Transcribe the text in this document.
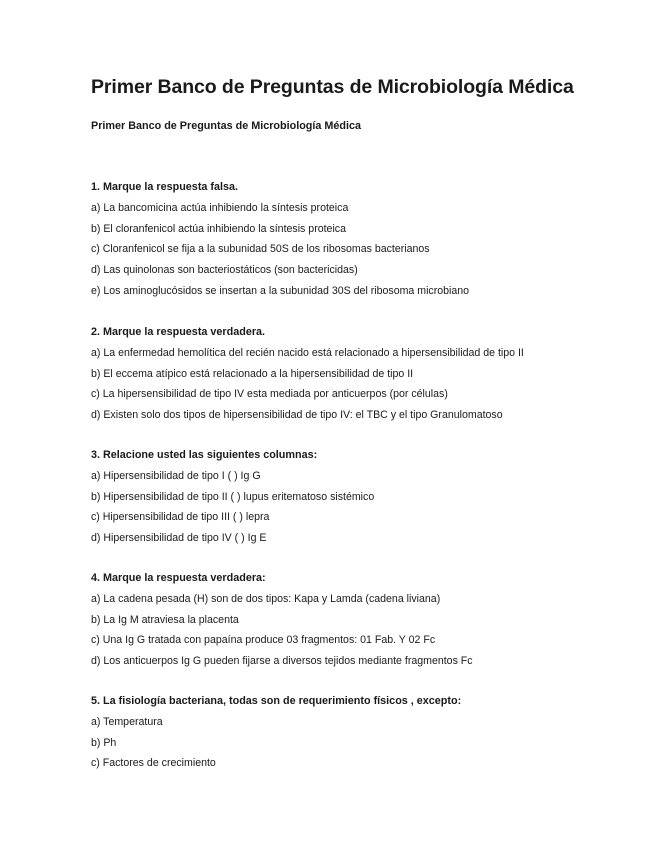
Primer Banco de Preguntas de Microbiología Médica

Primer Banco de Preguntas de Microbiología Médica

1. Marque la respuesta falsa.

a) La bancomicina actúa inhibiendo la síntesis proteica
b) El cloranfenicol actúa inhibiendo la síntesis proteica
c) Cloranfenicol se fija a la subunidad 50S de los ribosomas bacterianos
d) Las quinolonas son bacteriostáticos (son bactericidas)
e) Los aminoglucósidos se insertan a la subunidad 30S del ribosoma microbiano

2. Marque la respuesta verdadera.

a) La enfermedad hemolítica del recién nacido está relacionado a hipersensibilidad de tipo II
b) El eccema atípico está relacionado a la hipersensibilidad de tipo II
c) La hipersensibilidad de tipo IV esta mediada por anticuerpos (por células)
d) Existen solo dos tipos de hipersensibilidad de tipo IV: el TBC y el tipo Granulomatoso

3. Relacione usted las siguientes columnas:

a) Hipersensibilidad de tipo I ( ) Ig G
b) Hipersensibilidad de tipo II ( ) lupus eritematoso sistémico
c) Hipersensibilidad de tipo III ( ) lepra
d) Hipersensibilidad de tipo IV ( ) Ig E

4. Marque la respuesta verdadera:

a) La cadena pesada (H) son de dos tipos: Kapa y Lamda (cadena liviana)
b) La Ig M atraviesa la placenta
c) Una Ig G tratada con papaína produce 03 fragmentos: 01 Fab. Y 02 Fc
d) Los anticuerpos Ig G pueden fijarse a diversos tejidos mediante fragmentos Fc

5. La fisiología bacteriana, todas son de requerimiento físicos , excepto:

a) Temperatura
b) Ph
c) Factores de crecimiento
